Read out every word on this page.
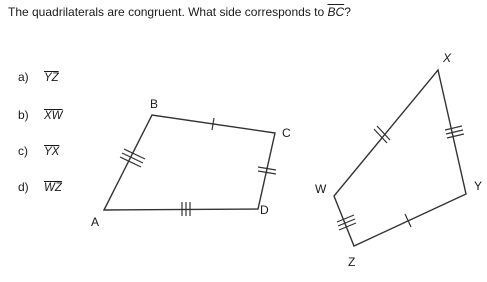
The quadrilaterals are congruent. What side corresponds to $\overline{BC}$?
a) $\overline{YZ}$
b) $\overline{XW}$
c) $\overline{YX}$
d) $\overline{WZ}$
A
B
C
D
X
Y
Z
W
